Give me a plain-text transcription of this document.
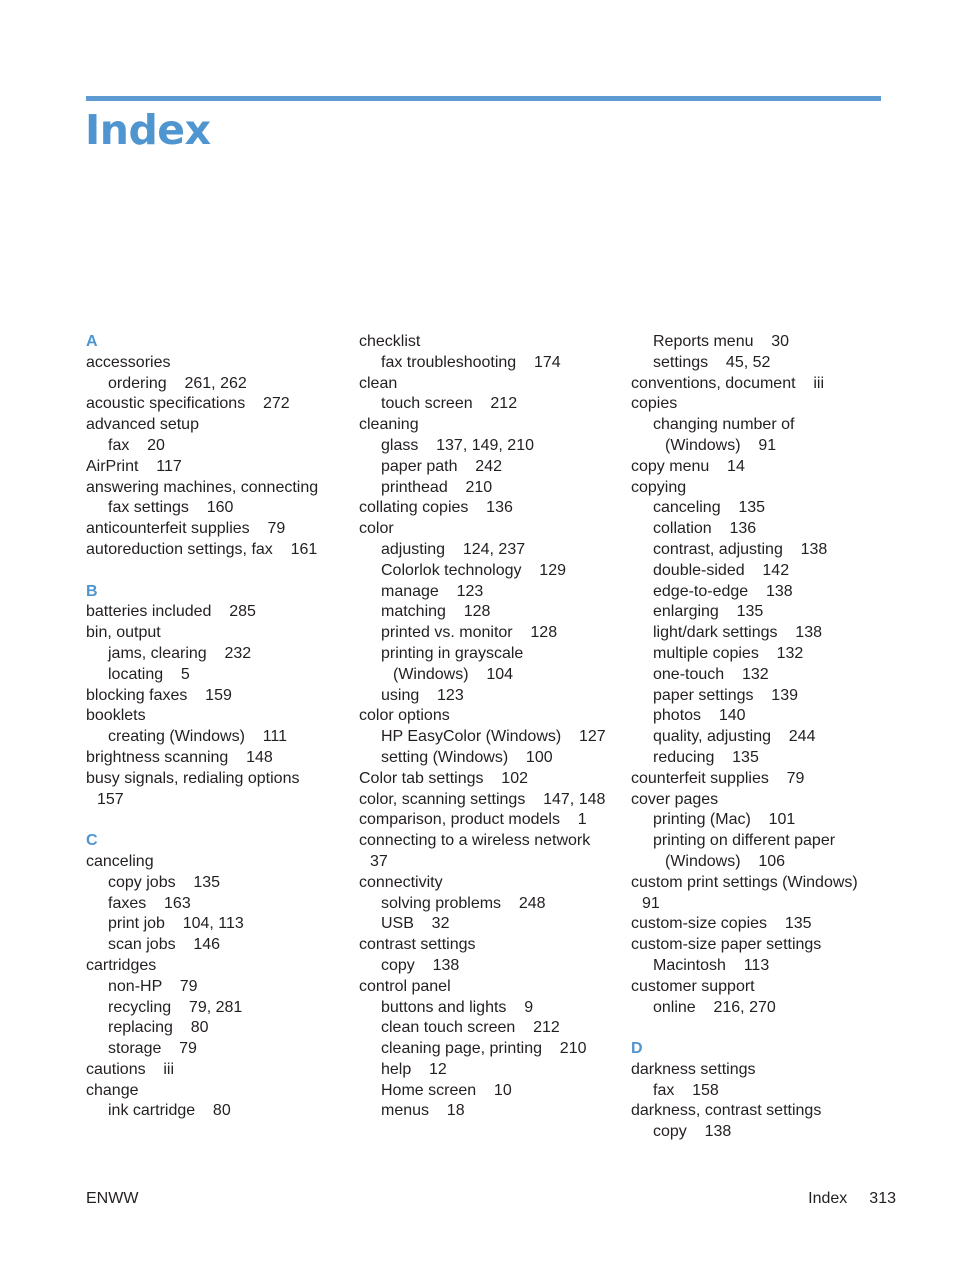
Index
A
accessories
ordering    261, 262
acoustic specifications    272
advanced setup
fax    20
AirPrint    117
answering machines, connecting
fax settings    160
anticounterfeit supplies    79
autoreduction settings, fax    161
B
batteries included    285
bin, output
jams, clearing    232
locating    5
blocking faxes    159
booklets
creating (Windows)    111
brightness scanning    148
busy signals, redialing options
157
C
canceling
copy jobs    135
faxes    163
print job    104, 113
scan jobs    146
cartridges
non-HP    79
recycling    79, 281
replacing    80
storage    79
cautions    iii
change
ink cartridge    80
checklist
fax troubleshooting    174
clean
touch screen    212
cleaning
glass    137, 149, 210
paper path    242
printhead    210
collating copies    136
color
adjusting    124, 237
Colorlok technology    129
manage    123
matching    128
printed vs. monitor    128
printing in grayscale
(Windows)    104
using    123
color options
HP EasyColor (Windows)    127
setting (Windows)    100
Color tab settings    102
color, scanning settings    147, 148
comparison, product models    1
connecting to a wireless network
37
connectivity
solving problems    248
USB    32
contrast settings
copy    138
control panel
buttons and lights    9
clean touch screen    212
cleaning page, printing    210
help    12
Home screen    10
menus    18
Reports menu    30
settings    45, 52
conventions, document    iii
copies
changing number of
(Windows)    91
copy menu    14
copying
canceling    135
collation    136
contrast, adjusting    138
double-sided    142
edge-to-edge    138
enlarging    135
light/dark settings    138
multiple copies    132
one-touch    132
paper settings    139
photos    140
quality, adjusting    244
reducing    135
counterfeit supplies    79
cover pages
printing (Mac)    101
printing on different paper
(Windows)    106
custom print settings (Windows)
91
custom-size copies    135
custom-size paper settings
Macintosh    113
customer support
online    216, 270
D
darkness settings
fax    158
darkness, contrast settings
copy    138
ENWW	Index 313
